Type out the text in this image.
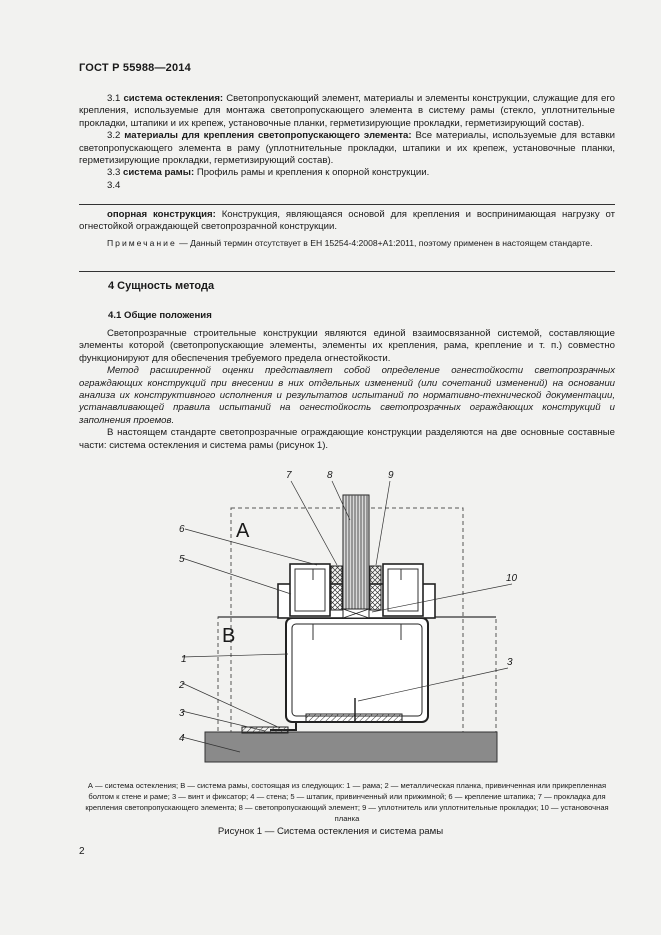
ГОСТ Р 55988—2014

3.1 система остекления: Светопропускающий элемент, материалы и элементы конструкции, служащие для его крепления, используемые для монтажа светопропускающего элемента в систему рамы (стекло, уплотнительные прокладки, штапики и их крепеж, установочные планки, герметизирующие прокладки, герметизирующий состав).

3.2 материалы для крепления светопропускающего элемента: Все материалы, используемые для вставки светопропускающего элемента в раму (уплотнительные прокладки, штапики и их крепеж, установочные планки, герметизирующие прокладки, герметизирующий состав).

3.3 система рамы: Профиль рамы и крепления к опорной конструкции.

3.4

опорная конструкция: Конструкция, являющаяся основой для крепления и воспринимающая нагрузку от огнестойкой ограждающей светопрозрачной конструкции.

Примечание — Данный термин отсутствует в ЕН 15254-4:2008+А1:2011, поэтому применен в настоящем стандарте.

4 Сущность метода
4.1 Общие положения

Светопрозрачные строительные конструкции являются единой взаимосвязанной системой, составляющие элементы которой (светопропускающие элементы, элементы их крепления, рама, крепление и т. п.) совместно функционируют для обеспечения требуемого предела огнестойкости.

Метод расширенной оценки представляет собой определение огнестойкости светопрозрачных ограждающих конструкций при внесении в них отдельных изменений (или сочетаний изменений) на основании анализа их конструктивного исполнения и результатов испытаний по нормативно-технической документации, устанавливающей правила испытаний на огнестойкость светопрозрачных ограждающих конструкций и заполнения проемов.

В настоящем стандарте светопрозрачные ограждающие конструкции разделяются на две основные составные части: система остекления и система рамы (рисунок 1).

A
B
1
2
3
4
5
6
7	8	9
10
3
А — система остекления; В — система рамы, состоящая из следующих: 1 — рама; 2 — металлическая планка, привинченная или прикрепленная болтом к стене и раме; 3 — винт и фиксатор; 4 — стена; 5 — штапик, привинченный или прижимной; 6 — крепление штапика; 7 — прокладка для крепления светопропускающего элемента; 8 — светопропускающий элемент; 9 — уплотнитель или уплотнительные прокладки; 10 — установочная планка
Рисунок 1 — Система остекления и система рамы
2
